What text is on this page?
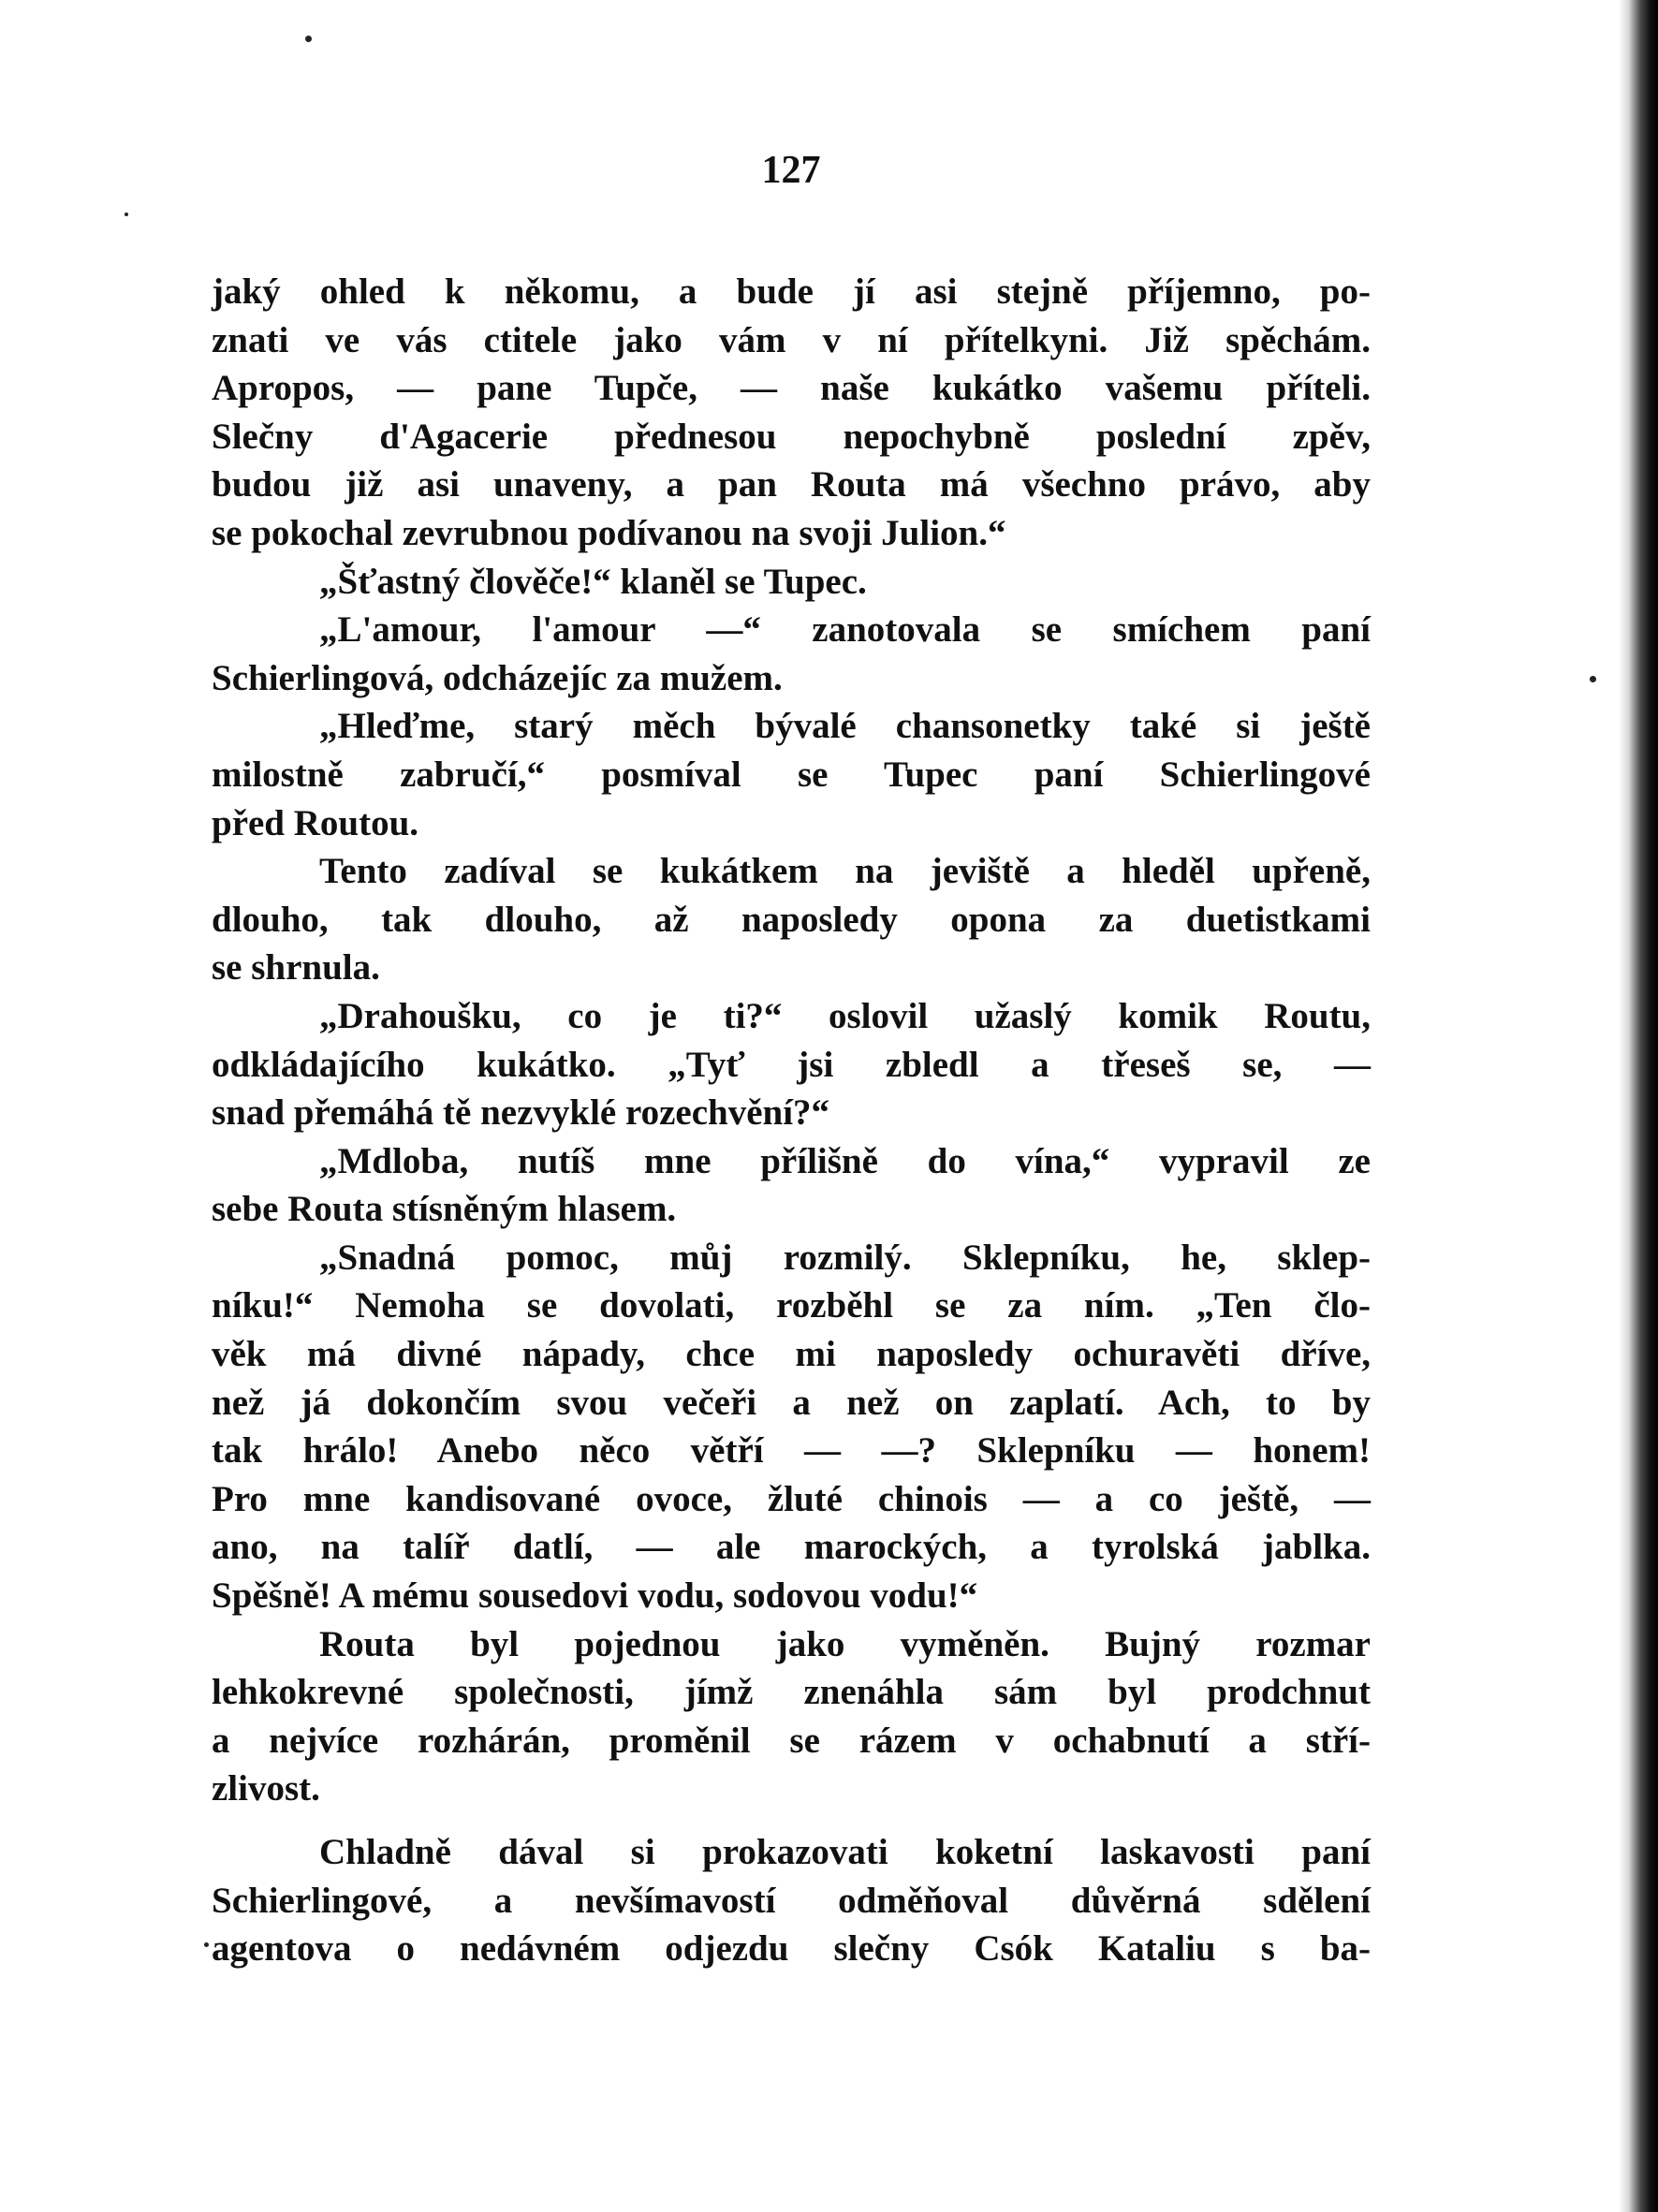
127
jaký ohled k někomu, a bude jí asi stejně příjemno, po-
znati ve vás ctitele jako vám v ní přítelkyni. Již spěchám.
Apropos, — pane Tupče, — naše kukátko vašemu příteli.
Slečny d'Agacerie přednesou nepochybně poslední zpěv,
budou již asi unaveny, a pan Routa má všechno právo, aby
se pokochal zevrubnou podívanou na svoji Julion.“
„Šťastný člověče!“ klaněl se Tupec.
„L'amour, l'amour —“ zanotovala se smíchem paní
Schierlingová, odcházejíc za mužem.
„Hleďme, starý měch bývalé chansonetky také si ještě
milostně zabručí,“ posmíval se Tupec paní Schierlingové
před Routou.
Tento zadíval se kukátkem na jeviště a hleděl upřeně,
dlouho, tak dlouho, až naposledy opona za duetistkami
se shrnula.
„Drahoušku, co je ti?“ oslovil užaslý komik Routu,
odkládajícího kukátko. „Tyť jsi zbledl a třeseš se, —
snad přemáhá tě nezvyklé rozechvění?“
„Mdloba, nutíš mne přílišně do vína,“ vypravil ze
sebe Routa stísněným hlasem.
„Snadná pomoc, můj rozmilý. Sklepníku, he, sklep-
níku!“ Nemoha se dovolati, rozběhl se za ním. „Ten člo-
věk má divné nápady, chce mi naposledy ochuravěti dříve,
než já dokončím svou večeři a než on zaplatí. Ach, to by
tak hrálo! Anebo něco větří — —? Sklepníku — honem!
Pro mne kandisované ovoce, žluté chinois — a co ještě, —
ano, na talíř datlí, — ale marockých, a tyrolská jablka.
Spěšně! A mému sousedovi vodu, sodovou vodu!“
Routa byl pojednou jako vyměněn. Bujný rozmar
lehkokrevné společnosti, jímž znenáhla sám byl prodchnut
a nejvíce rozhárán, proměnil se rázem v ochabnutí a stří-
zlivost.
Chladně dával si prokazovati koketní laskavosti paní
Schierlingové, a nevšímavostí odměňoval důvěrná sdělení
agentova o nedávném odjezdu slečny Csók Kataliu s ba-
